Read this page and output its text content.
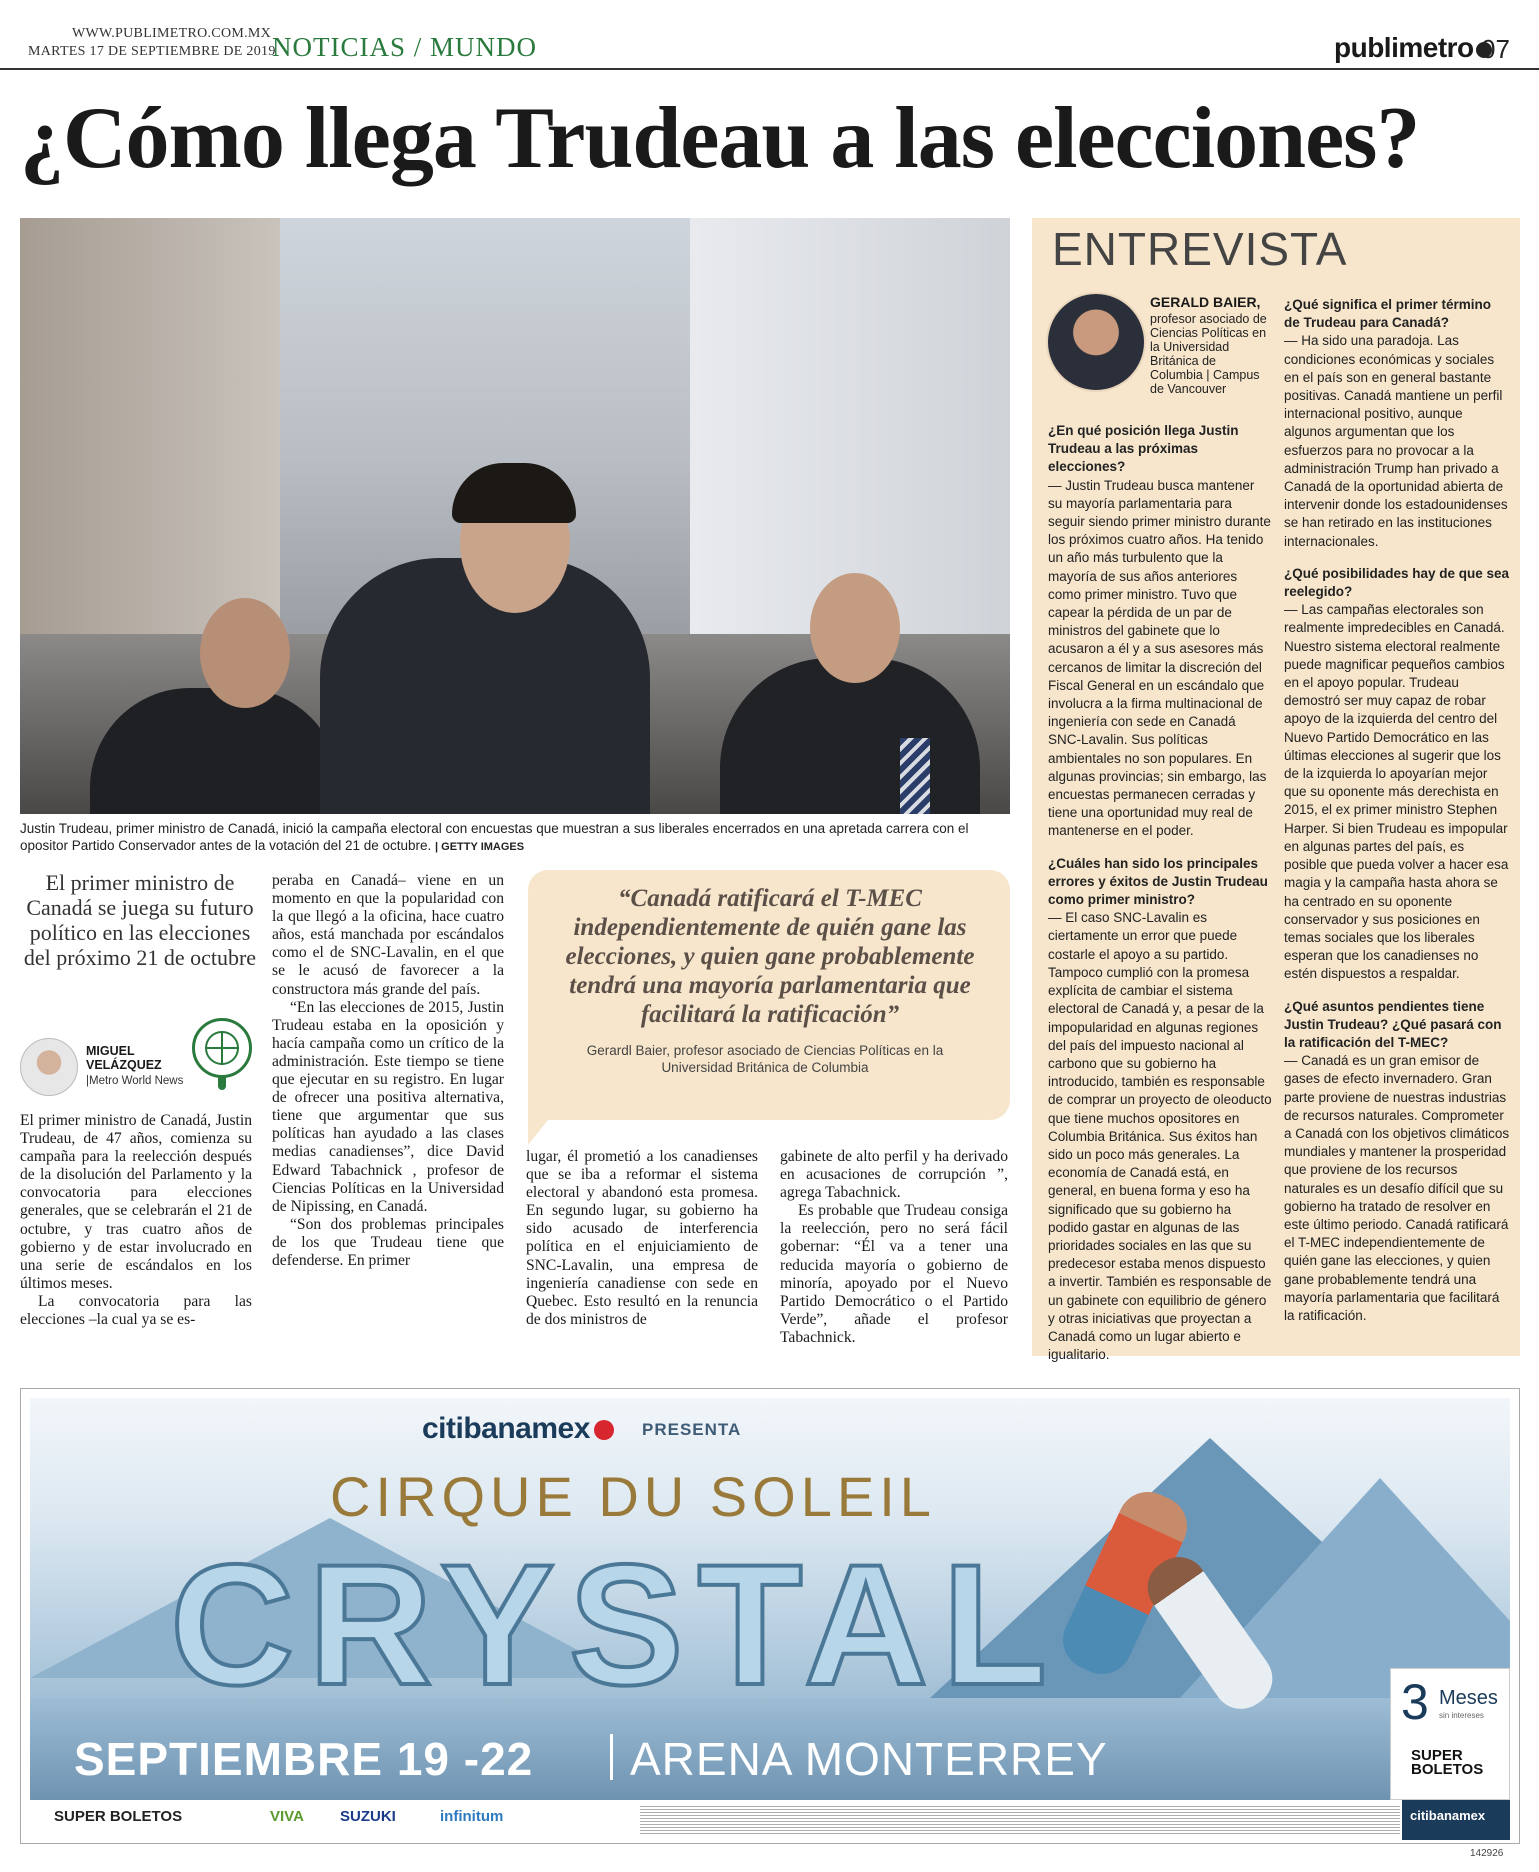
WWW.PUBLIMETRO.COM.MX
MARTES 17 DE SEPTIEMBRE DE 2019
NOTICIAS / MUNDO	publimetro 07
¿Cómo llega Trudeau a las elecciones?
Justin Trudeau, primer ministro de Canadá, inició la campaña electoral con encuestas que muestran a sus liberales encerrados en una apretada carrera con el opositor Partido Conservador antes de la votación del 21 de octubre. | GETTY IMAGES
ENTREVISTA
GERALD BAIER,
profesor asociado de Ciencias Políticas en la Universidad Británica de Columbia | Campus de Vancouver
¿En qué posición llega Justin Trudeau a las próximas elecciones?
— Justin Trudeau busca mantener su mayoría parlamentaria para seguir siendo primer ministro durante los próximos cuatro años. Ha tenido un año más turbulento que la mayoría de sus años anteriores como primer ministro. Tuvo que capear la pérdida de un par de ministros del gabinete que lo acusaron a él y a sus asesores más cercanos de limitar la discreción del Fiscal General en un escándalo que involucra a la firma multinacional de ingeniería con sede en Canadá SNC-Lavalin. Sus políticas ambientales no son populares. En algunas provincias; sin embargo, las encuestas permanecen cerradas y tiene una oportunidad muy real de mantenerse en el poder.
¿Cuáles han sido los principales errores y éxitos de Justin Trudeau como primer ministro?
— El caso SNC-Lavalin es ciertamente un error que puede costarle el apoyo a su partido. Tampoco cumplió con la promesa explícita de cambiar el sistema electoral de Canadá y, a pesar de la impopularidad en algunas regiones del país del impuesto nacional al carbono que su gobierno ha introducido, también es responsable de comprar un proyecto de oleoducto que tiene muchos opositores en Columbia Británica. Sus éxitos han sido un poco más generales. La economía de Canadá está, en general, en buena forma y eso ha significado que su gobierno ha podido gastar en algunas de las prioridades sociales en las que su predecesor estaba menos dispuesto a invertir. También es responsable de un gabinete con equilibrio de género y otras iniciativas que proyectan a Canadá como un lugar abierto e igualitario.
¿Qué significa el primer término de Trudeau para Canadá?
— Ha sido una paradoja. Las condiciones económicas y sociales en el país son en general bastante positivas. Canadá mantiene un perfil internacional positivo, aunque algunos argumentan que los esfuerzos para no provocar a la administración Trump han privado a Canadá de la oportunidad abierta de intervenir donde los estadounidenses se han retirado en las instituciones internacionales.
¿Qué posibilidades hay de que sea reelegido?
— Las campañas electorales son realmente impredecibles en Canadá. Nuestro sistema electoral realmente puede magnificar pequeños cambios en el apoyo popular. Trudeau demostró ser muy capaz de robar apoyo de la izquierda del centro del Nuevo Partido Democrático en las últimas elecciones al sugerir que los de la izquierda lo apoyarían mejor que su oponente más derechista en 2015, el ex primer ministro Stephen Harper. Si bien Trudeau es impopular en algunas partes del país, es posible que pueda volver a hacer esa magia y la campaña hasta ahora se ha centrado en su oponente conservador y sus posiciones en temas sociales que los liberales esperan que los canadienses no estén dispuestos a respaldar.
¿Qué asuntos pendientes tiene Justin Trudeau? ¿Qué pasará con la ratificación del T-MEC?
— Canadá es un gran emisor de gases de efecto invernadero. Gran parte proviene de nuestras industrias de recursos naturales. Comprometer a Canadá con los objetivos climáticos mundiales y mantener la prosperidad que proviene de los recursos naturales es un desafío difícil que su gobierno ha tratado de resolver en este último periodo. Canadá ratificará el T-MEC independientemente de quién gane las elecciones, y quien gane probablemente tendrá una mayoría parlamentaria que facilitará la ratificación.
El primer ministro de Canadá se juega su futuro político en las elecciones del próximo 21 de octubre
MIGUEL VELÁZQUEZ
|Metro World News

El primer ministro de Canadá, Justin Trudeau, de 47 años, comienza su campaña para la reelección después de la disolución del Parlamento y la convocatoria para elecciones generales, que se celebrarán el 21 de octubre, y tras cuatro años de gobierno y de estar involucrado en una serie de escándalos en los últimos meses.

La convocatoria para las elecciones –la cual ya se es-

peraba en Canadá– viene en un momento en que la popularidad con la que llegó a la oficina, hace cuatro años, está manchada por escándalos como el de SNC-Lavalin, en el que se le acusó de favorecer a la constructora más grande del país.

“En las elecciones de 2015, Justin Trudeau estaba en la oposición y hacía campaña como un crítico de la administración. Este tiempo se tiene que ejecutar en su registro. En lugar de ofrecer una positiva alternativa, tiene que argumentar que sus políticas han ayudado a las clases medias canadienses”, dice David Edward Tabachnick , profesor de Ciencias Políticas en la Universidad de Nipissing, en Canadá.

“Son dos problemas principales de los que Trudeau tiene que defenderse. En primer

lugar, él prometió a los canadienses que se iba a reformar el sistema electoral y abandonó esta promesa. En segundo lugar, su gobierno ha sido acusado de interferencia política en el enjuiciamiento de SNC-Lavalin, una empresa de ingeniería canadiense con sede en Quebec. Esto resultó en la renuncia de dos ministros de

gabinete de alto perfil y ha derivado en acusaciones de corrupción ”, agrega Tabachnick.

Es probable que Trudeau consiga la reelección, pero no será fácil gobernar: “Él va a tener una reducida mayoría o gobierno de minoría, apoyado por el Nuevo Partido Democrático o el Partido Verde”, añade el profesor Tabachnick.

“Canadá ratificará el T-MEC independientemente de quién gane las elecciones, y quien gane probablemente tendrá una mayoría parlamentaria que facilitará la ratificación”
Gerardl Baier, profesor asociado de Ciencias Políticas en la Universidad Británica de Columbia
citibanamex	PRESENTA
CIRQUE DU SOLEIL
CRYSTAL
SEPTIEMBRE 19 -22 ARENA MONTERREY
3 Meses
sin intereses
SUPER BOLETOS
SUPER BOLETOS	VIVA SUZUKI	infinitum	citibanamex
142926
